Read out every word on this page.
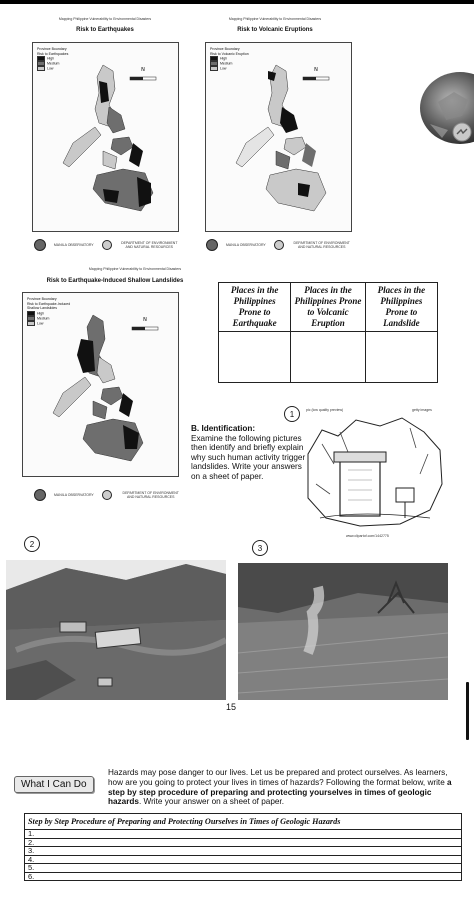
Mapping Philippine Vulnerability to Environmental Disasters
Risk to Earthquakes
Province Boundary
Risk to Earthquakes
High
Medium
Low	N
MANILA OBSERVATORY	DEPARTMENT OF ENVIRONMENT AND NATURAL RESOURCES
Mapping Philippine Vulnerability to Environmental Disasters
Risk to Volcanic Eruptions
Province Boundary
Risk to Volcanic Eruption
High
Medium
Low	N
MANILA OBSERVATORY	DEPARTMENT OF ENVIRONMENT AND NATURAL RESOURCES
Mapping Philippine Vulnerability to Environmental Disasters
Risk to Earthquake-Induced Shallow Landslides
Province Boundary
Risk to Earthquake-Induced Shallow Landslides
High
Medium
Low	N
MANILA OBSERVATORY	DEPARTMENT OF ENVIRONMENT AND NATURAL RESOURCES
Places in the Philippines Prone to Earthquake	Places in the Philippines Prone to Volcanic Eruption	Places in the Philippines Prone to Landslide

B. Identification:
Examine the following pictures then identify and briefly explain why such human activity trigger landslides. Write your answers on a sheet of paper.
1	pic (low quality preview)	getty images
www.clipartof.com/1442775
2	3
15
What I Can Do
Hazards may pose danger to our lives. Let us be prepared and protect ourselves. As learners, how are you going to protect your lives in times of hazards? Following the format below, write a step by step procedure of preparing and protecting yourselves in times of geologic hazards. Write your answer on a sheet of paper.
Step by Step Procedure of Preparing and Protecting Ourselves in Times of Geologic Hazards
1.
2.
3.
4.
5.
6.
